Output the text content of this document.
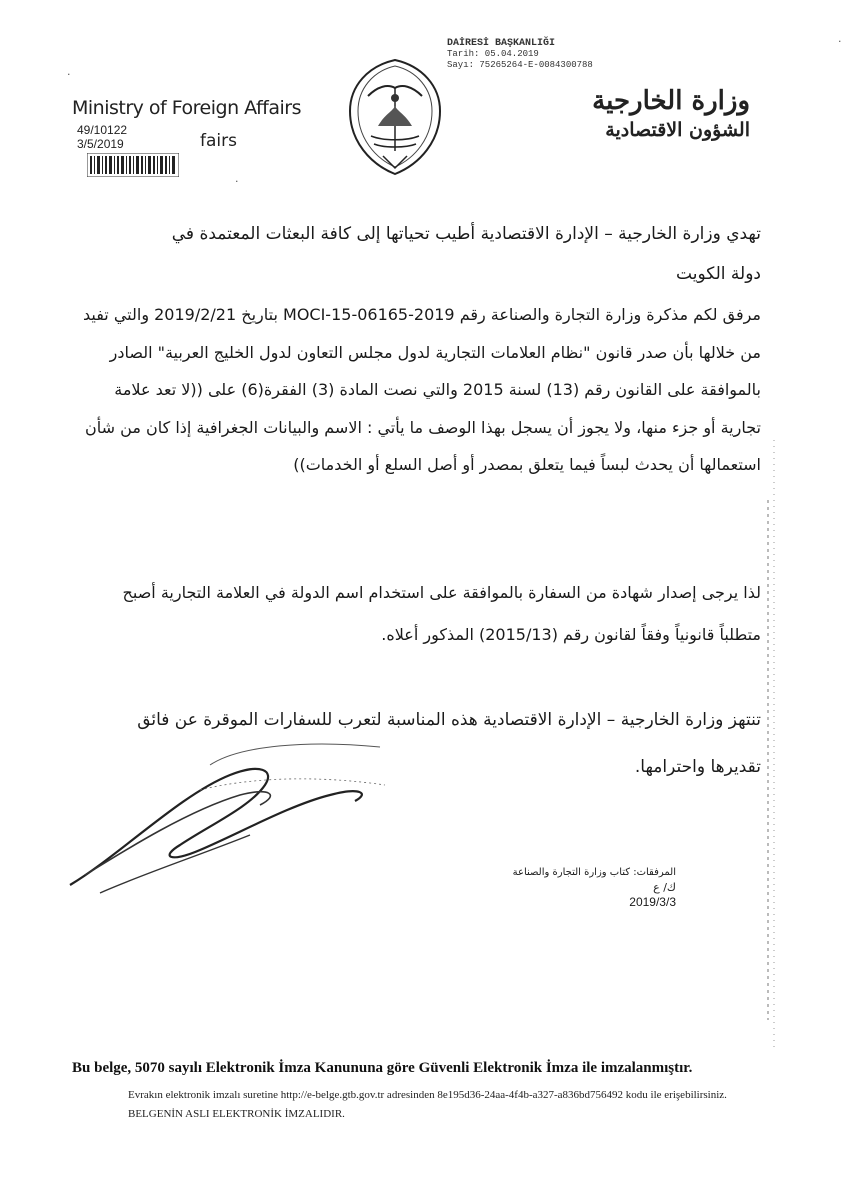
DAİRESİ BAŞKANLIĞI
Tarih: 05.04.2019
Sayı: 75265264-E-0084300788
·
·
·
Ministry of Foreign Affairs
49/10122
3/5/2019	fairs
وزارة الخارجية
الشؤون الاقتصادية
تهدي وزارة الخارجية – الإدارة الاقتصادية أطيب تحياتها إلى كافة البعثات المعتمدة في دولة الكويت
مرفق لكم مذكرة وزارة التجارة والصناعة رقم MOCI-15-06165-2019 بتاريخ 2019/2/21 والتي تفيد من خلالها بأن صدر قانون "نظام العلامات التجارية لدول مجلس التعاون لدول الخليج العربية" الصادر بالموافقة على القانون رقم (13) لسنة 2015 والتي نصت المادة (3) الفقرة(6) على ((لا تعد علامة تجارية أو جزء منها، ولا يجوز أن يسجل بهذا الوصف ما يأتي : الاسم والبيانات الجغرافية إذا كان من شأن استعمالها أن يحدث لبساً فيما يتعلق بمصدر أو أصل السلع أو الخدمات))
لذا يرجى إصدار شهادة من السفارة بالموافقة على استخدام اسم الدولة في العلامة التجارية أصبح متطلباً قانونياً وفقاً لقانون رقم (2015/13) المذكور أعلاه.
تنتهز وزارة الخارجية – الإدارة الاقتصادية هذه المناسبة لتعرب للسفارات الموقرة عن فائق تقديرها واحترامها.
المرفقات: كتاب وزارة التجارة والصناعة
ك/ ع
2019/3/3
Bu belge, 5070 sayılı Elektronik İmza Kanununa göre Güvenli Elektronik İmza ile imzalanmıştır.
Evrakın elektronik imzalı suretine http://e-belge.gtb.gov.tr adresinden 8e195d36-24aa-4f4b-a327-a836bd756492 kodu ile erişebilirsiniz.
BELGENİN ASLI ELEKTRONİK İMZALIDIR.
